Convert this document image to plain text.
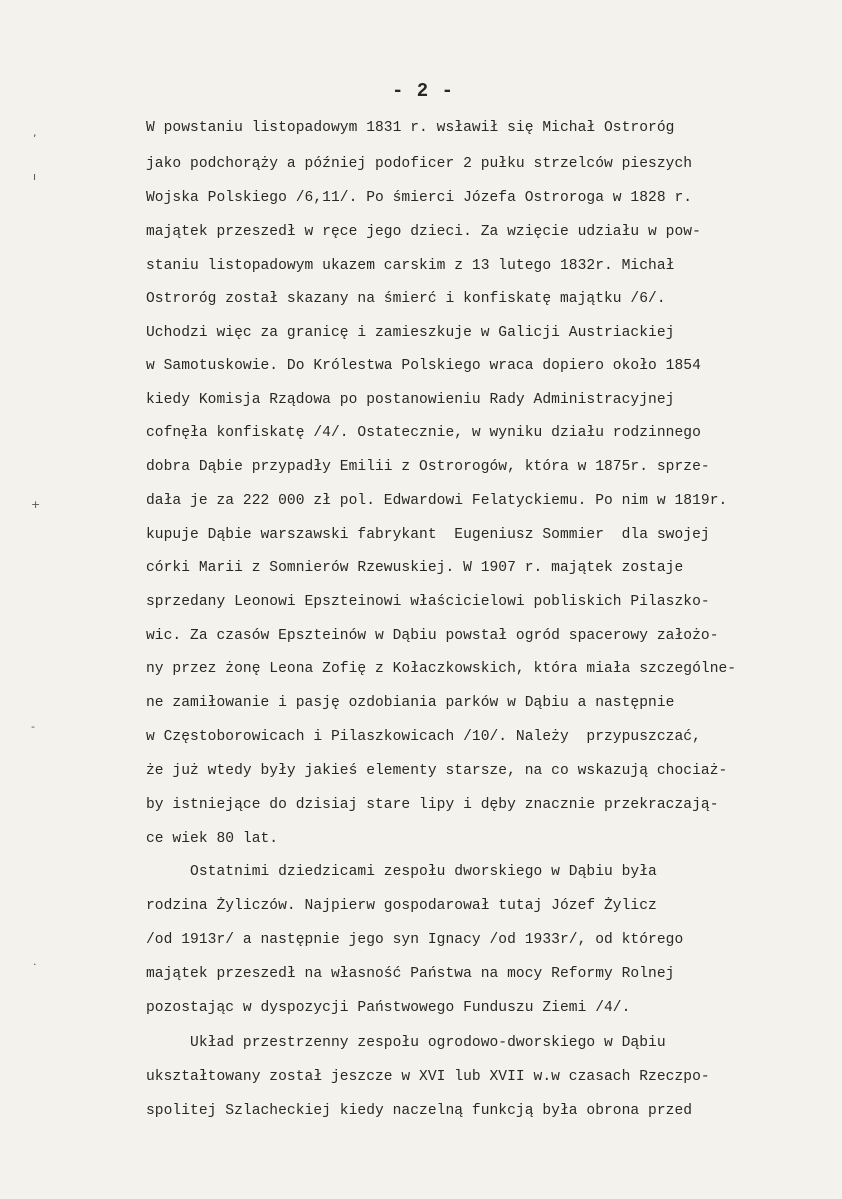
- 2 -
,
ı
+
-
·
W powstaniu listopadowym 1831 r. wsławił się Michał Ostroróg
jako podchorąży a później podoficer 2 pułku strzelców pieszych
Wojska Polskiego /6,11/. Po śmierci Józefa Ostroroga w 1828 r.
majątek przeszedł w ręce jego dzieci. Za wzięcie udziału w pow-
staniu listopadowym ukazem carskim z 13 lutego 1832r. Michał
Ostroróg został skazany na śmierć i konfiskatę majątku /6/.
Uchodzi więc za granicę i zamieszkuje w Galicji Austriackiej
w Samotuskowie. Do Królestwa Polskiego wraca dopiero około 1854
kiedy Komisja Rządowa po postanowieniu Rady Administracyjnej
cofnęła konfiskatę /4/. Ostatecznie, w wyniku działu rodzinnego
dobra Dąbie przypadły Emilii z Ostrorogów, która w 1875r. sprze-
dała je za 222 000 zł pol. Edwardowi Felatyckiemu. Po nim w 1819r.
kupuje Dąbie warszawski fabrykant  Eugeniusz Sommier  dla swojej
córki Marii z Somnierów Rzewuskiej. W 1907 r. majątek zostaje
sprzedany Leonowi Epszteinowi właścicielowi pobliskich Pilaszko-
wic. Za czasów Epszteinów w Dąbiu powstał ogród spacerowy założo-
ny przez żonę Leona Zofię z Kołaczkowskich, która miała szczególne-
ne zamiłowanie i pasję ozdobiania parków w Dąbiu a następnie
w Częstoborowicach i Pilaszkowicach /10/. Należy  przypuszczać,
że już wtedy były jakieś elementy starsze, na co wskazują chociaż-
by istniejące do dzisiaj stare lipy i dęby znacznie przekraczają-
ce wiek 80 lat.
Ostatnimi dziedzicami zespołu dworskiego w Dąbiu była
rodzina Żyliczów. Najpierw gospodarował tutaj Józef Żylicz
/od 1913r/ a następnie jego syn Ignacy /od 1933r/, od którego
majątek przeszedł na własność Państwa na mocy Reformy Rolnej
pozostając w dyspozycji Państwowego Funduszu Ziemi /4/.
Układ przestrzenny zespołu ogrodowo-dworskiego w Dąbiu
ukształtowany został jeszcze w XVI lub XVII w.w czasach Rzeczpo-
spolitej Szlacheckiej kiedy naczelną funkcją była obrona przed
